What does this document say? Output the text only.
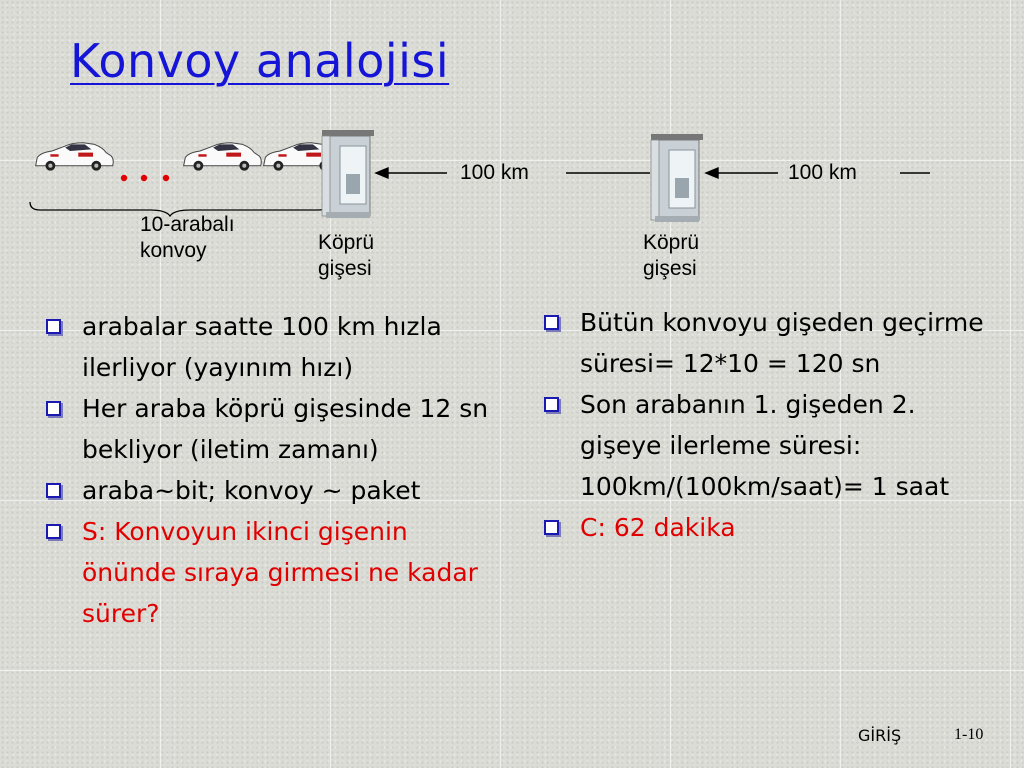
Konvoy analojisi
100 km	100 km
10-arabalı
konvoy	Köprü
gişesi
Köprü
gişesi
arabalar saatte 100 km hızla ilerliyor (yayınım hızı)
Her araba köprü gişesinde 12 sn bekliyor (iletim zamanı)
araba~bit; konvoy ~ paket
S: Konvoyun ikinci gişenin önünde sıraya girmesi ne kadar sürer?
Bütün konvoyu gişeden geçirme süresi= 12*10 = 120 sn
Son arabanın 1. gişeden 2. gişeye ilerleme süresi: 100km/(100km/saat)= 1 saat
C: 62 dakika
GİRİŞ	1-10
